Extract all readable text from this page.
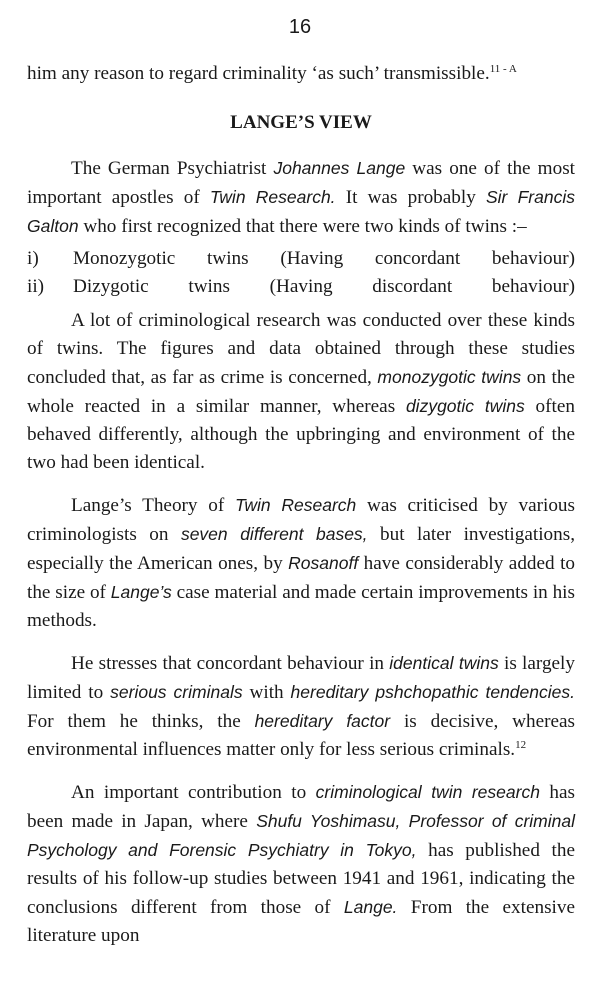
16

him any reason to regard criminality ‘as such’ transmissible.$^{11 - A}$

LANGE’S VIEW

The German Psychiatrist Johannes Lange was one of the most important apostles of Twin Research. It was probably Sir Francis Galton who first recognized that there were two kinds of twins :–

i)	Monozygotic twins (Having concordant behaviour)
ii)	Dizygotic twins (Having discordant behaviour)

A lot of criminological research was conducted over these kinds of twins. The figures and data obtained through these studies concluded that, as far as crime is concerned, monozygotic twins on the whole reacted in a similar manner, whereas dizygotic twins often behaved differently, although the upbringing and environment of the two had been identical.

Lange’s Theory of Twin Research was criticised by various criminologists on seven different bases, but later investigations, especially the American ones, by Rosanoff have considerably added to the size of Lange’s case material and made certain improvements in his methods.

He stresses that concordant behaviour in identical twins is largely limited to serious criminals with hereditary pshchopathic tendencies. For them he thinks, the hereditary factor is decisive, whereas environmental influences matter only for less serious criminals.$^{12}$

An important contribution to criminological twin research has been made in Japan, where Shufu Yoshimasu, Professor of criminal Psychology and Forensic Psychiatry in Tokyo, has published the results of his follow-up studies between 1941 and 1961, indicating the conclusions different from those of Lange. From the extensive literature upon
